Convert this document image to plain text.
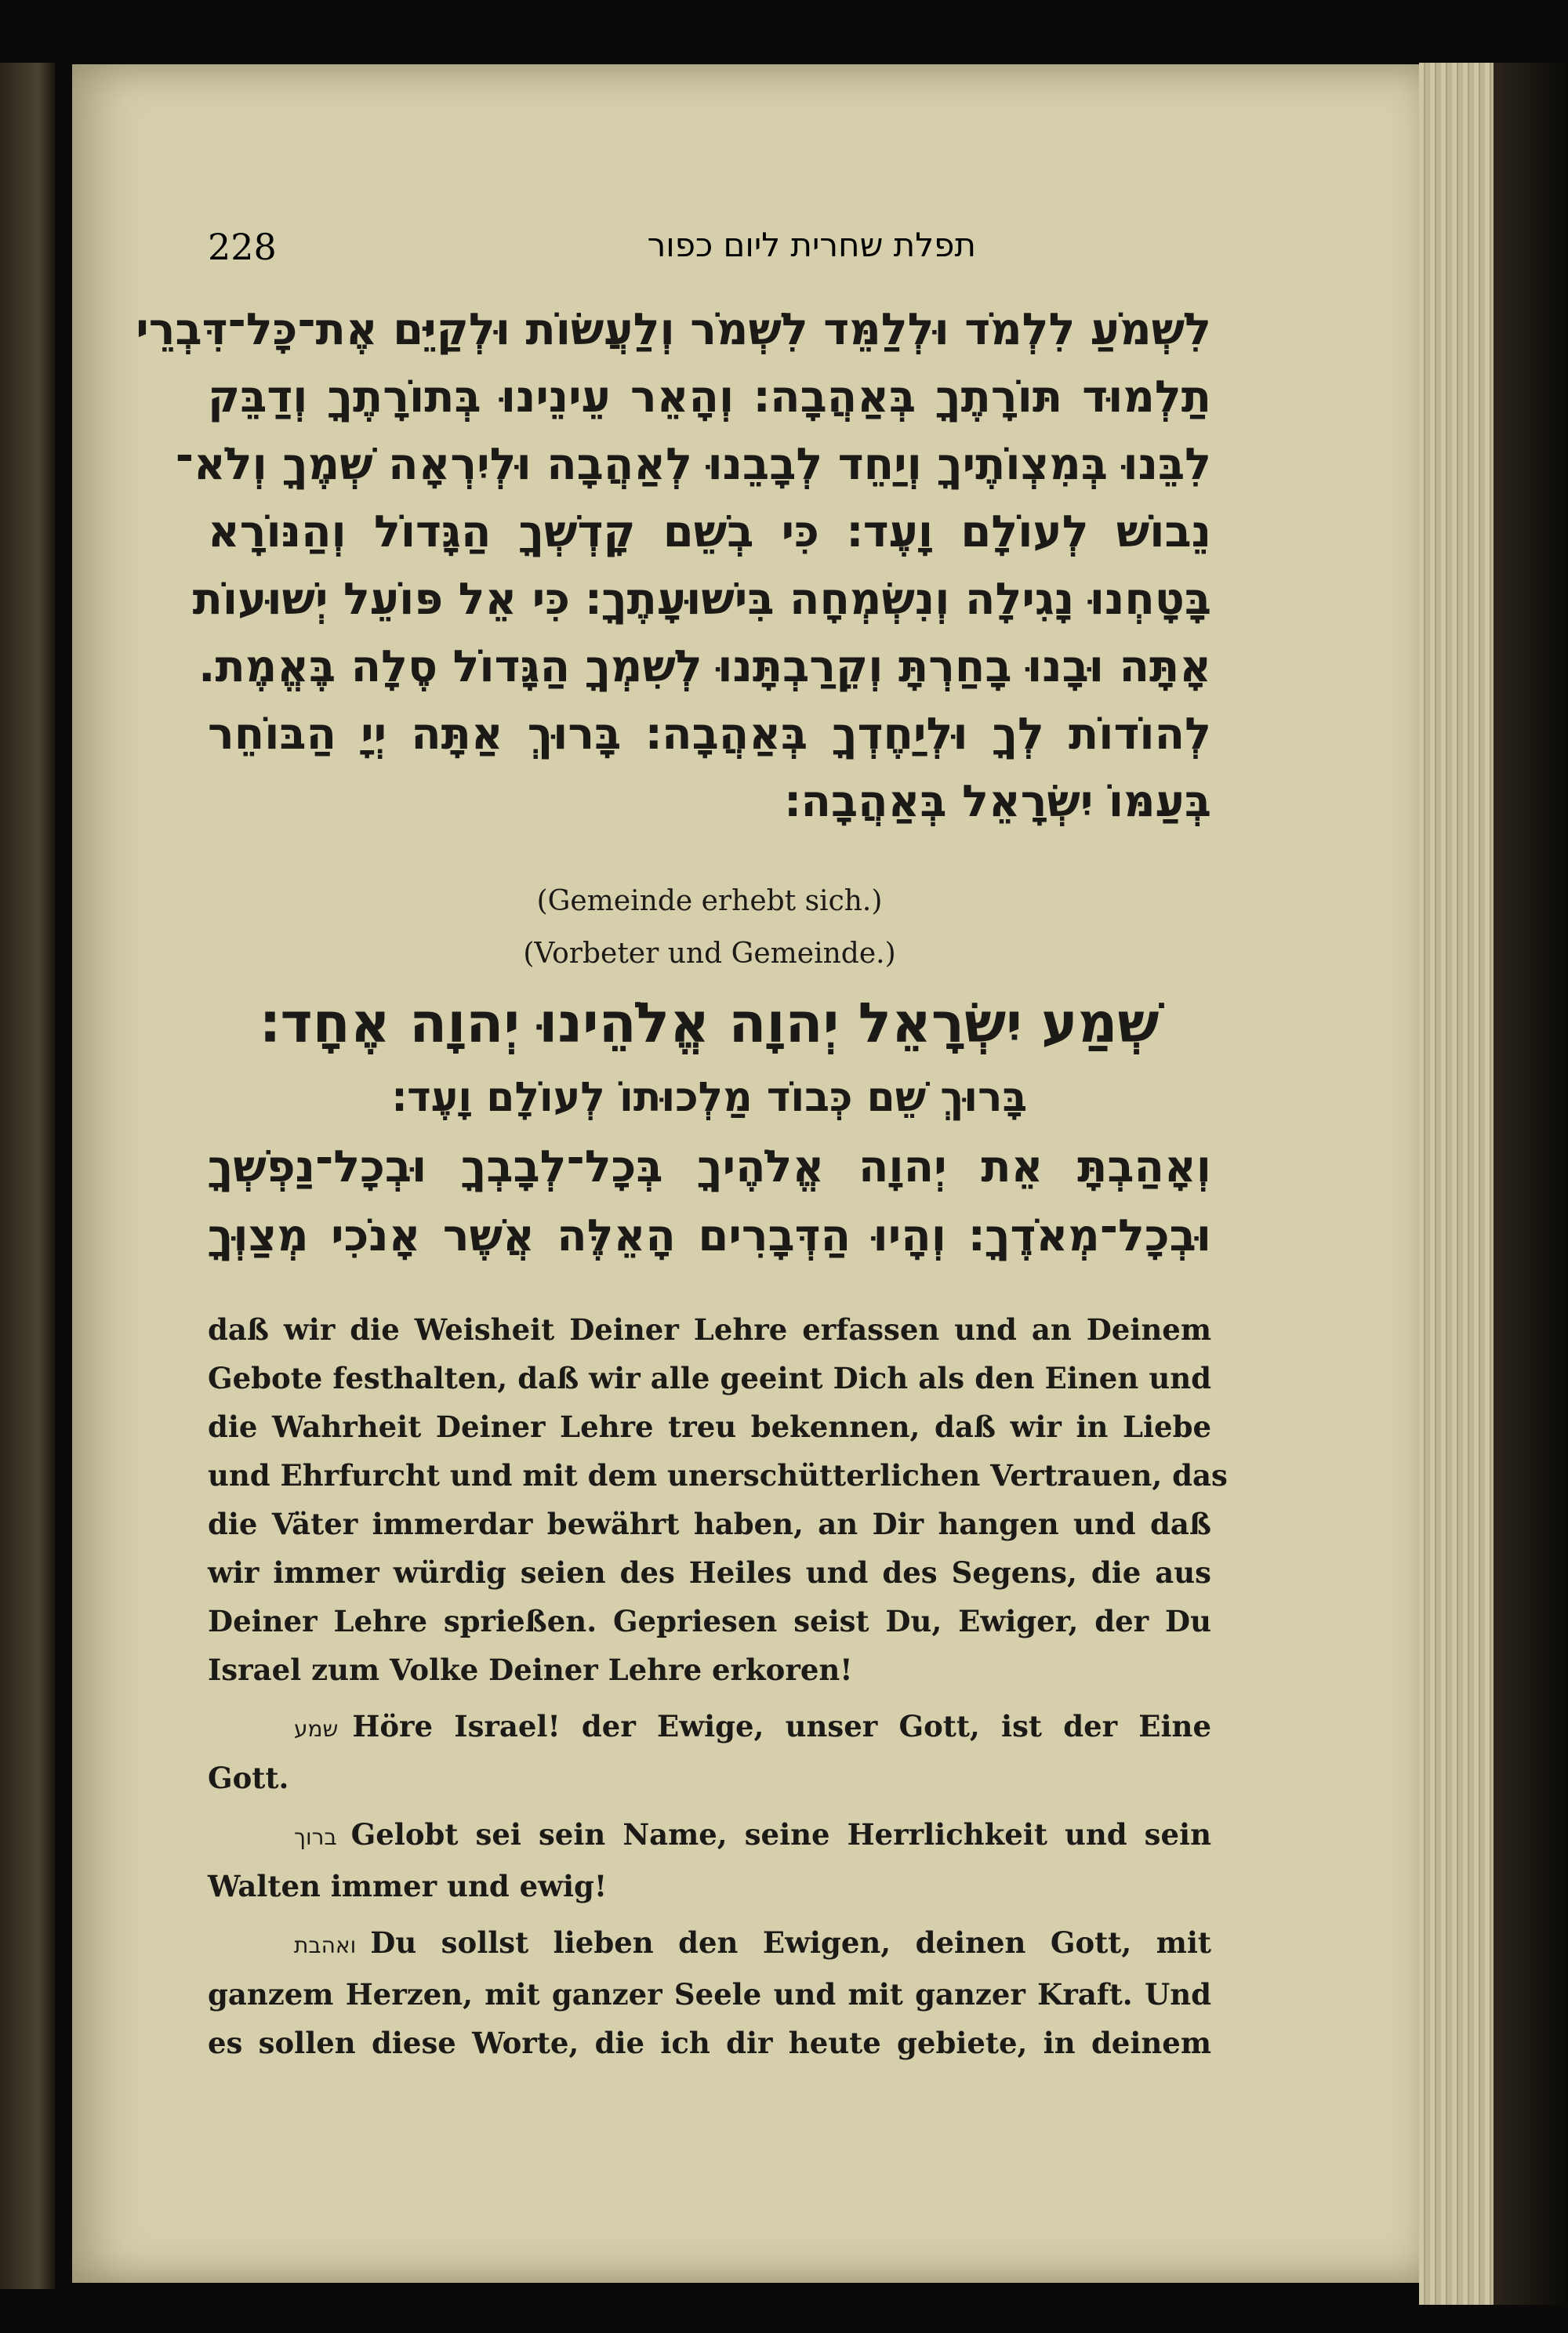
228	תפלת שחרית ליום כפור

לִשְׁמֹעַ לִלְמֹד וּלְלַמֵּד לִשְׁמֹר וְלַעֲשׂוֹת וּלְקַיֵּם אֶת־כָּל־דִּבְרֵי

תַלְמוּד תּוֹרָתֶךָ בְּאַהֲבָה׃ וְהָאֵר עֵינֵינוּ בְּתוֹרָתֶךָ וְדַבֵּק

לִבֵּנוּ בְּמִצְוֹתֶיךָ וְיַחֵד לְבָבֵנוּ לְאַהֲבָה וּלְיִרְאָה שְׁמֶךָ וְלֹא־

נֵבוֹשׁ לְעוֹלָם וָעֶד׃ כִּי בְשֵׁם קָדְשְׁךָ הַגָּדוֹל וְהַנּוֹרָא

בָּטָחְנוּ נָגִילָה וְנִשְׂמְחָה בִּישׁוּעָתֶךָ׃ כִּי אֵל פּוֹעֵל יְשׁוּעוֹת

אָתָּה וּבָנוּ בָחַרְתָּ וְקֵרַבְתָּנוּ לְשִׁמְךָ הַגָּדוֹל סֶלָה בֶּאֱמֶת.

לְהוֹדוֹת לְךָ וּלְיַחֶדְךָ בְּאַהֲבָה׃ בָּרוּךְ אַתָּה יְיָ הַבּוֹחֵר

בְּעַמּוֹ יִשְׂרָאֵל בְּאַהֲבָה׃

(Gemeinde erhebt sich.)

(Vorbeter und Gemeinde.)

שְׁמַע יִשְׂרָאֵל יְהוָה אֱלֹהֵינוּ יְהוָה אֶחָד׃

בָּרוּךְ שֵׁם כְּבוֹד מַלְכוּתוֹ לְעוֹלָם וָעֶד׃

וְאָהַבְתָּ אֵת יְהוָה אֱלֹהֶיךָ בְּכָל־לְבָבְךָ וּבְכָל־נַפְשְׁךָ

וּבְכָל־מְאֹדֶךָ׃ וְהָיוּ הַדְּבָרִים הָאֵלֶּה אֲשֶׁר אָנֹכִי מְצַוְּךָ

daß wir die Weisheit Deiner Lehre erfassen und an Deinem

Gebote festhalten, daß wir alle geeint Dich als den Einen und

die Wahrheit Deiner Lehre treu bekennen, daß wir in Liebe

und Ehrfurcht und mit dem unerschütterlichen Vertrauen, das

die Väter immerdar bewährt haben, an Dir hangen und daß

wir immer würdig seien des Heiles und des Segens, die aus

Deiner Lehre sprießen. Gepriesen seist Du, Ewiger, der Du

Israel zum Volke Deiner Lehre erkoren!

שמע Höre Israel! der Ewige, unser Gott, ist der Eine

Gott.

ברוך Gelobt sei sein Name, seine Herrlichkeit und sein

Walten immer und ewig!

ואהבת Du sollst lieben den Ewigen, deinen Gott, mit

ganzem Herzen, mit ganzer Seele und mit ganzer Kraft. Und

es sollen diese Worte, die ich dir heute gebiete, in deinem
